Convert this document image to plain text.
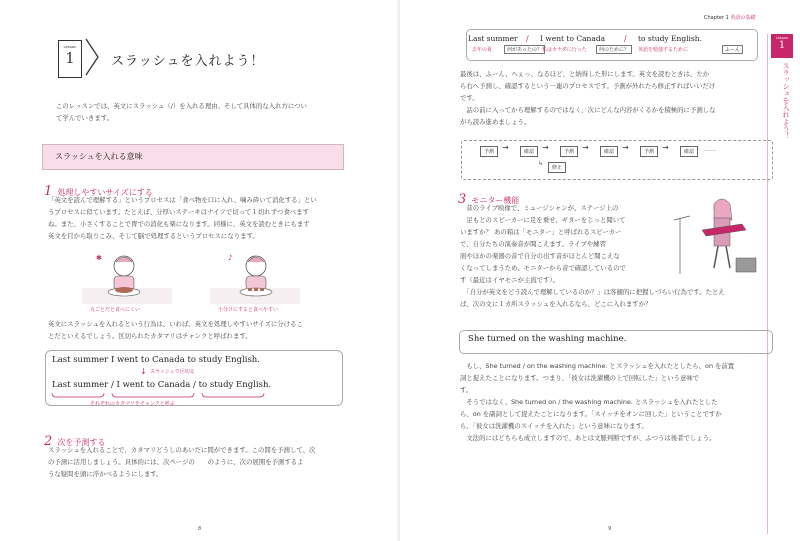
Lesson
1	スラッシュを入れよう！
このレッスンでは、英文にスラッシュ（/）を入れる理由、そして具体的な入れ方につい
て学んでいきます。
スラッシュを入れる意味
1 処理しやすいサイズにする
「英文を読んで理解する」というプロセスは「食べ物を口に入れ、噛み砕いて消化する」とい
うプロセスに似ています。たとえば、分厚いステーキはナイフで切って１切れずつ食べます
ね。また、小さくすることで胃での消化も楽になります。同様に、英文を読むときにもまず
英文を目から取りこみ、そして脳で処理するというプロセスになります。
✱
丸ごとだと食べにくい
♪
小分けにすると食べやすい
英文にスラッシュを入れるという行為は、いわば、英文を処理しやすいサイズに分けるこ
とだといえるでしょう。区切られたカタマリはチャンクと呼ばれます。
Last summer I went to Canada to study English.
↓ スラッシュで区切る
Last summer / I went to Canada / to study English.
それぞれのカタマリをチャンクと呼ぶ
2 次を予測する
スラッシュを入れることで、カタマリどうしのあいだに間ができます。この間を予測して、次
の予測に活用しましょう。具体的には、次ページの　　のように、次の展開を予測するよ
うな疑問を頭に浮かべるようにします。
8
Chapter 1 英語の基礎
Lesson
1
スラッシュを入れよう！
Last summer / I went to Canada / to study English.
去年の夏	何があったの？ 私はカナダに行った	何のために？	英語を勉強するために	ふーん
最後は、ふーん、へぇっ、なるほど、と納得した形にします。英文を読むときは、左か
ら右へ予測し、確認するという一連のプロセスです。予測が外れたら修正すればいいだけ
です。
　話の前に入ってから理解するのではなく、次にどんな内容がくるかを積極的に予測しな
がら読み進めましょう。
予測 →	確認 →	予測 →	確認 →	予測 →	確認	……
↳
修正
3 モニター機能
　昔のライブ映像で、ミュージシャンが、ステージ上の
　足もとのスピーカーに足を乗せ、ギターをじっと聞いて
いますか？ あの箱は「モニター」と呼ばれるスピーカー
で、自分たちの演奏音が聞こえます。ライブや練習
面やほかの楽器の音で自分の出す音がほとんど聞こえな
くなってしまうため、モニターから音で確認しているので
す（最近はイヤモニが主流です）。
　「自分が英文をどう読んで理解しているのか？」は客観的に把握しづらい行為です。たとえ
ば、次の文に１カ所スラッシュを入れるなら、どこに入れますか？
She turned on the washing machine.
　もし、She turned / on the washing machine. とスラッシュを入れたとしたら、on を前置
詞と捉えたことになります。つまり、「彼女は洗濯機の上で回転した」という意味で
す。
　そうではなく、She turned on / the washing machine. とスラッシュを入れたとした
ら、on を副詞として捉えたことになります。「スイッチをオンに回した」ということですか
ら、「彼女は洗濯機のスイッチを入れた」という意味になります。
　文法的にはどちらも成立しますので、あとは文脈判断ですが、ふつうは後者でしょう。
9
